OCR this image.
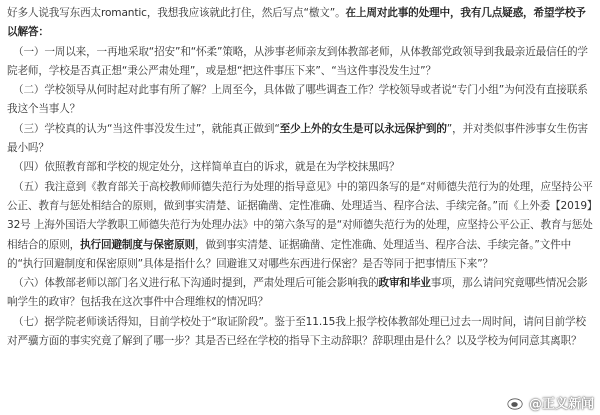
好多人说我写东西太romantic，我想我应该就此打住，然后写点“檄文”。在上周对此事的处理中，我有几点疑惑，希望学校予以解答：

（一）一周以来，一再地采取“招安”和“怀柔”策略，从涉事老师亲友到体教部老师，从体教部党政领导到我最亲近最信任的学院老师，学校是否真正想“秉公严肃处理”，或是想“把这件事压下来”、“当这件事没发生过”？

（二）学校领导从何时起对此事有所了解？上周至今，具体做了哪些调查工作？学校领导或者说“专门小组”为何没有直接联系我这个当事人？

（三）学校真的认为“当这件事没发生过”，就能真正做到“至少上外的女生是可以永远保护到的”，并对类似事件涉事女生伤害最小吗？

（四）依照教育部和学校的规定处分，这样简单直白的诉求，就是在为学校抹黑吗？

（五）我注意到《教育部关于高校教师师德失范行为处理的指导意见》中的第四条写的是“对师德失范行为的处理，应坚持公平公正、教育与惩处相结合的原则，做到事实清楚、证据确凿、定性准确、处理适当、程序合法、手续完备。”而《上外委【2019】32号 上海外国语大学教职工师德失范行为处理办法》中的第六条写的是“对师德失范行为的处理，应坚持公平公正、教育与惩处相结合的原则，执行回避制度与保密原则，做到事实清楚、证据确凿、定性准确、处理适当、程序合法、手续完备。”文件中的“执行回避制度和保密原则”具体是指什么？回避谁又对哪些东西进行保密？是否等同于把事情压下来”？

（六）体教部老师以部门名义进行私下沟通时提到，严肃处理后可能会影响我的政审和毕业事项，那么请问究竟哪些情况会影响学生的政审？包括我在这次事件中合理维权的情况吗？

（七）据学院老师谈话得知，目前学校处于“取证阶段”。鉴于至11.15我上报学校体教部处理已过去一周时间，请问目前学校对严骥方面的事实究竟了解到了哪一步？其是否已经在学校的指导下主动辞职？辞职理由是什么？以及学校为何同意其离职？

@正义新闻
